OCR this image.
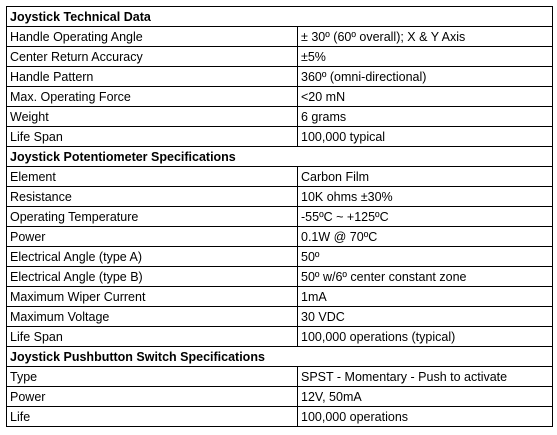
Joystick Technical Data	
Handle Operating Angle	± 30º (60º overall); X & Y Axis
Center Return Accuracy	±5%
Handle Pattern	360º (omni-directional)
Max. Operating Force	<20 mN
Weight	6 grams
Life Span	100,000 typical
Joystick Potentiometer Specifications	
Element	Carbon Film
Resistance	10K ohms ±30%
Operating Temperature	-55ºC ~ +125ºC
Power	0.1W @ 70ºC
Electrical Angle (type A)	50º
Electrical Angle (type B)	50º w/6º center constant zone
Maximum Wiper Current	1mA
Maximum Voltage	30 VDC
Life Span	100,000 operations (typical)
Joystick Pushbutton Switch Specifications	
Type	SPST - Momentary - Push to activate
Power	12V, 50mA
Life	100,000 operations
